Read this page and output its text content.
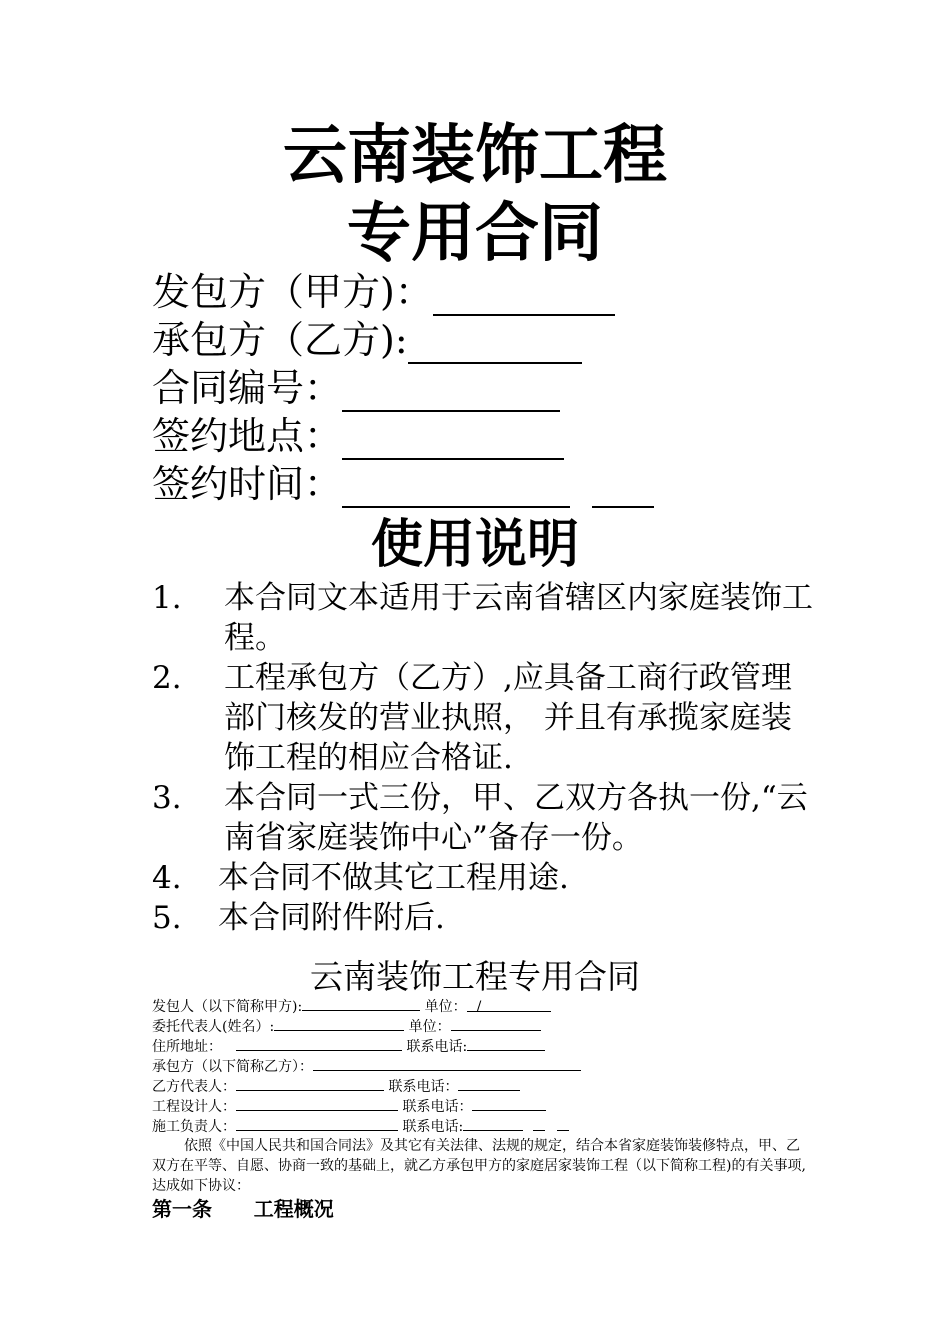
云南装饰工程
专用合同
发包方（甲方)：
承包方（乙方):
合同编号：
签约地点：
签约时间：
使用说明
1. 本合同文本适用于云南省辖区内家庭装饰工程。
2. 工程承包方（乙方）,应具备工商行政管理部门核发的营业执照， 并且有承揽家庭装饰工程的相应合格证.
3. 本合同一式三份，甲、乙双方各执一份,“云南省家庭装饰中心”备存一份。
4. 本合同不做其它工程用途.
5. 本合同附件附后.
云南装饰工程专用合同
发包人（以下简称甲方):	单位： /
委托代表人(姓名）:	单位：
住所地址：	联系电话:
承包方（以下简称乙方）：
乙方代表人：	联系电话：
工程设计人：	联系电话：
施工负责人：	联系电话:
依照《中国人民共和国合同法》及其它有关法律、法规的规定，结合本省家庭装饰装修特点，甲、乙双方在平等、自愿、协商一致的基础上，就乙方承包甲方的家庭居家装饰工程（以下简称工程)的有关事项,达成如下协议：
第一条      工程概况
